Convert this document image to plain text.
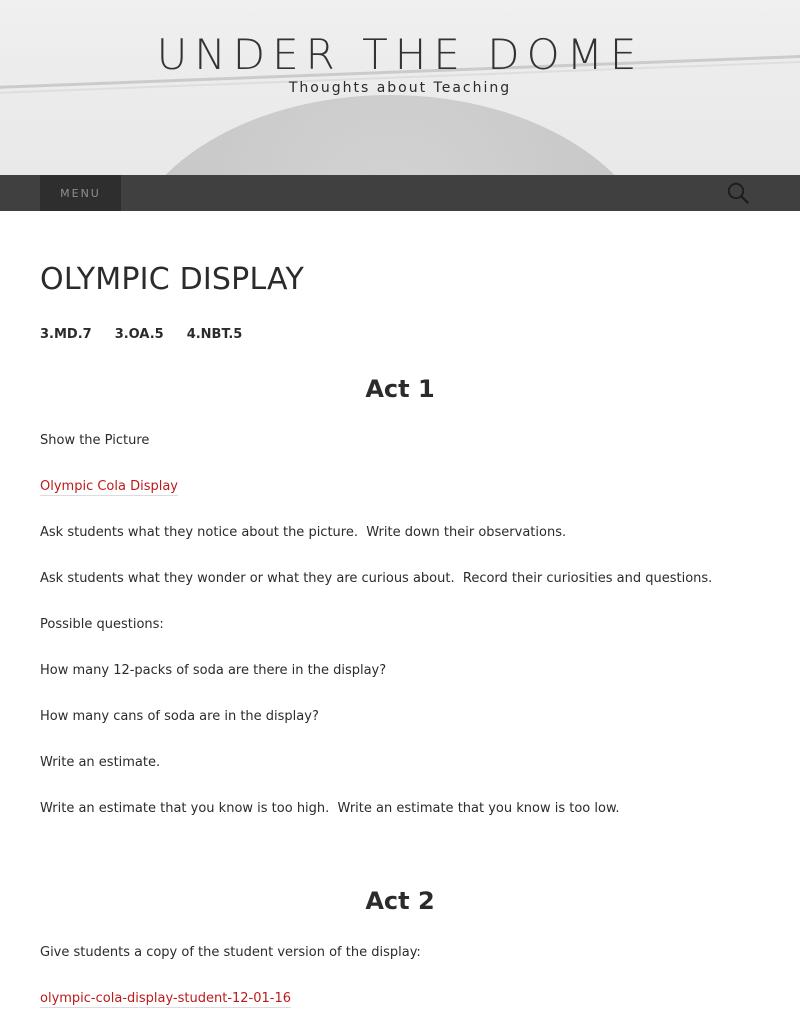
UNDER THE DOME
Thoughts about Teaching
MENU
OLYMPIC DISPLAY
3.MD.7 3.OA.5 4.NBT.5
Act 1

Show the Picture

Olympic Cola Display

Ask students what they notice about the picture.  Write down their observations.

Ask students what they wonder or what they are curious about.  Record their curiosities and questions.

Possible questions:

How many 12-packs of soda are there in the display?

How many cans of soda are in the display?

Write an estimate.

Write an estimate that you know is too high.  Write an estimate that you know is too low.

Act 2

Give students a copy of the student version of the display:

olympic-cola-display-student-12-01-16
